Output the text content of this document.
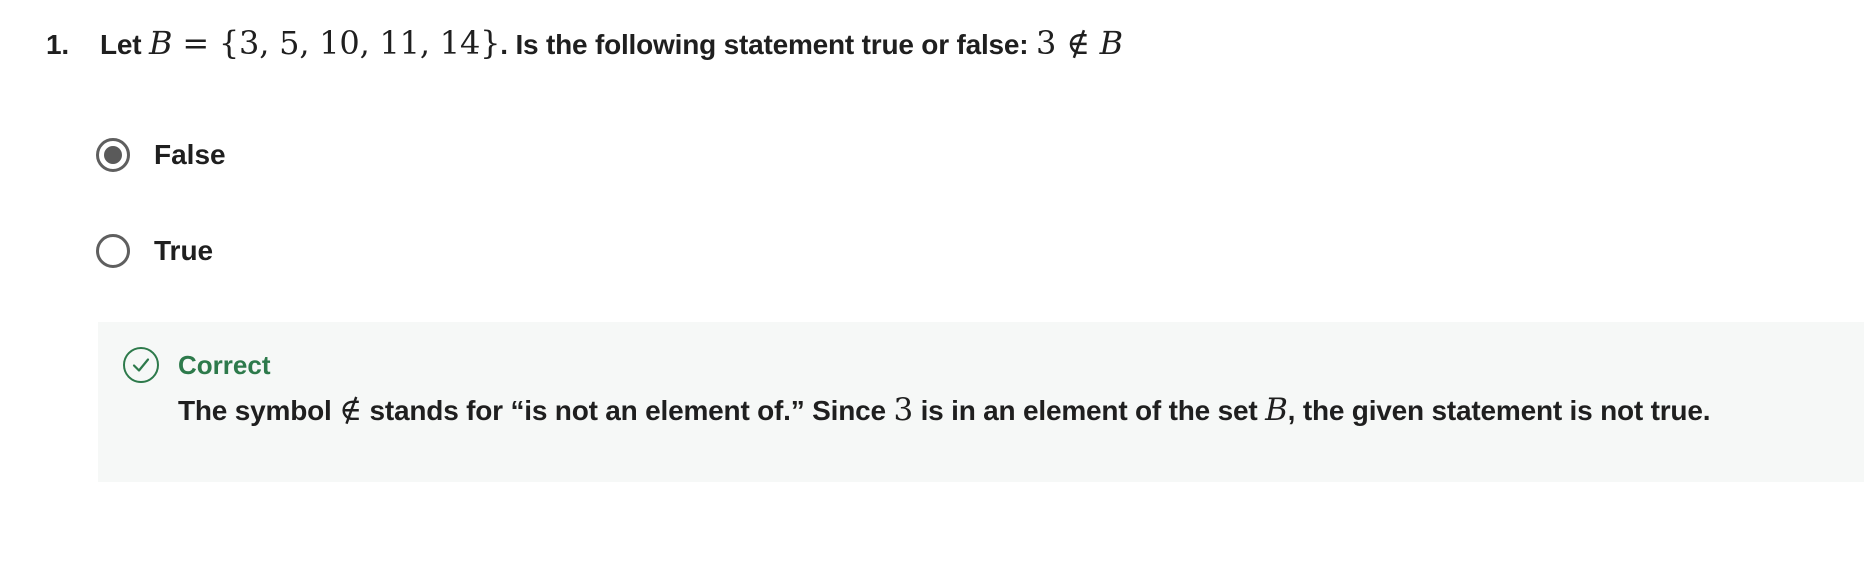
1.	Let
B = {3, 5, 10, 11, 14} . Is the following statement true or false:
3 ∉ B
False
True
Correct
The symbol ∉ stands for “is not an element of.” Since 3 is in an element of the set B, the given statement is not true.
